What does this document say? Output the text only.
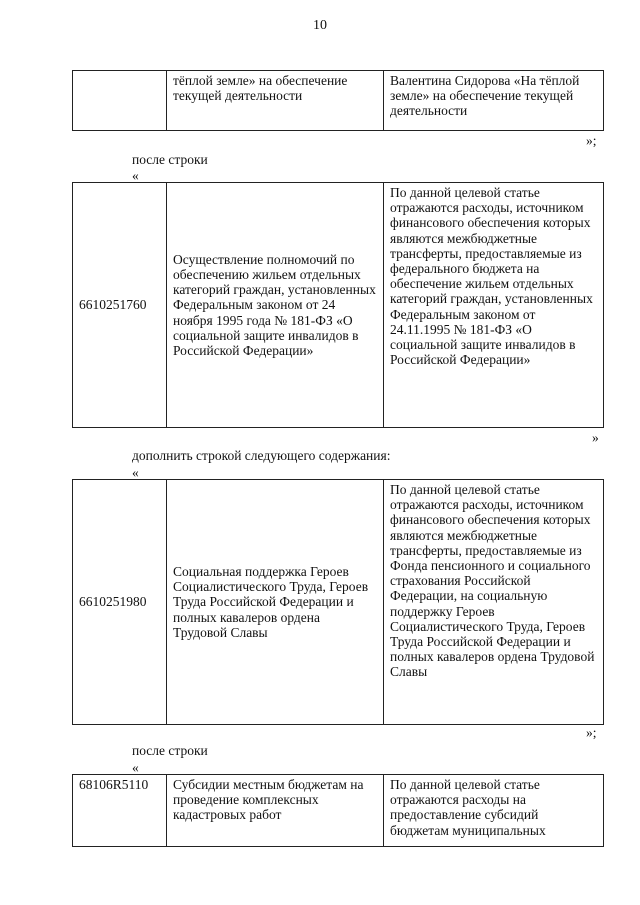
10
	тёплой земле» на обеспечение текущей деятельности	Валентина Сидорова «На тёплой земле» на обеспечение текущей деятельности
»;
после строки
«
6610251760	Осуществление полномочий по обеспечению жильем отдельных категорий граждан, установленных Федеральным законом от 24 ноября 1995 года № 181-ФЗ «О социальной защите инвалидов в Российской Федерации»	По данной целевой статье отражаются расходы, источником финансового обеспечения которых являются межбюджетные трансферты, предоставляемые из федерального бюджета на обеспечение жильем отдельных категорий граждан, установленных Федеральным законом от 24.11.1995 № 181-ФЗ «О социальной защите инвалидов в Российской Федерации»
»
дополнить строкой следующего содержания:
«
6610251980	Социальная поддержка Героев Социалистического Труда, Героев Труда Российской Федерации и полных кавалеров ордена Трудовой Славы	По данной целевой статье отражаются расходы, источником финансового обеспечения которых являются межбюджетные трансферты, предоставляемые из Фонда пенсионного и социального страхования Российской Федерации, на социальную поддержку Героев Социалистического Труда, Героев Труда Российской Федерации и полных кавалеров ордена Трудовой Славы
»;
после строки
«
68106R5110	Субсидии местным бюджетам на проведение комплексных кадастровых работ	По данной целевой статье отражаются расходы на предоставление субсидий бюджетам муниципальных
